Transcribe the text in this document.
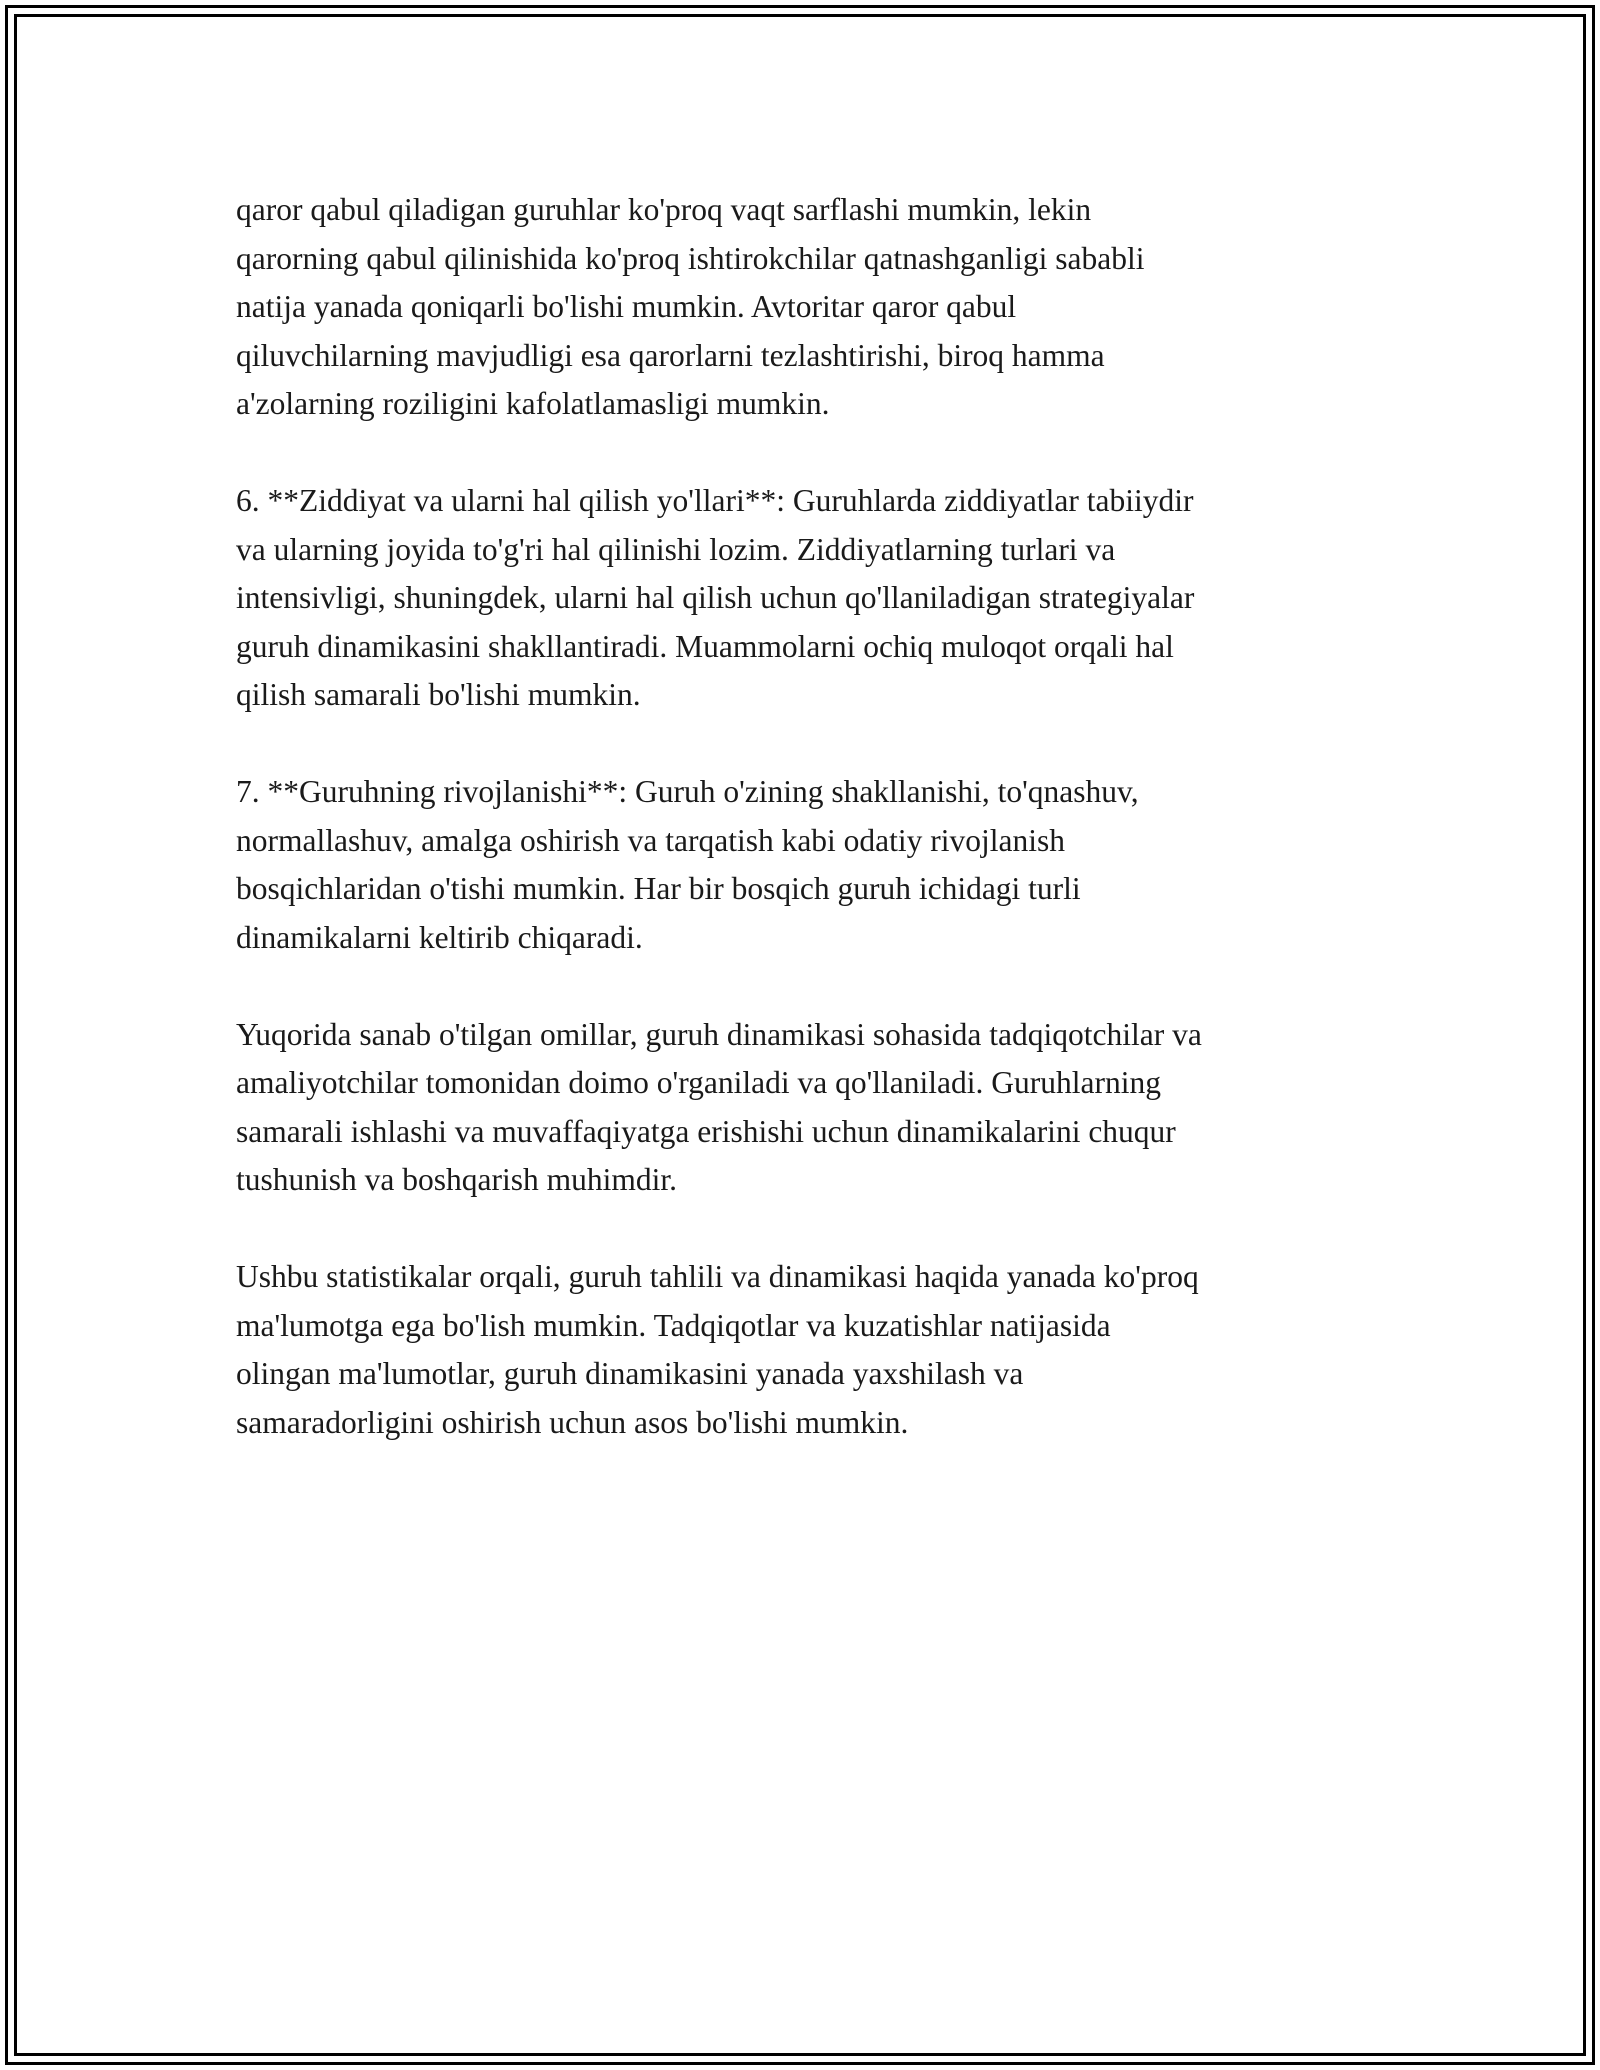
qaror qabul qiladigan guruhlar ko'proq vaqt sarflashi mumkin, lekin
qarorning qabul qilinishida ko'proq ishtirokchilar qatnashganligi sababli
natija yanada qoniqarli bo'lishi mumkin. Avtoritar qaror qabul
qiluvchilarning mavjudligi esa qarorlarni tezlashtirishi, biroq hamma
a'zolarning roziligini kafolatlamasligi mumkin.

6. **Ziddiyat va ularni hal qilish yo'llari**: Guruhlarda ziddiyatlar tabiiydir
va ularning joyida to'g'ri hal qilinishi lozim. Ziddiyatlarning turlari va
intensivligi, shuningdek, ularni hal qilish uchun qo'llaniladigan strategiyalar
guruh dinamikasini shakllantiradi. Muammolarni ochiq muloqot orqali hal
qilish samarali bo'lishi mumkin.

7. **Guruhning rivojlanishi**: Guruh o'zining shakllanishi, to'qnashuv,
normallashuv, amalga oshirish va tarqatish kabi odatiy rivojlanish
bosqichlaridan o'tishi mumkin. Har bir bosqich guruh ichidagi turli
dinamikalarni keltirib chiqaradi.

Yuqorida sanab o'tilgan omillar, guruh dinamikasi sohasida tadqiqotchilar va
amaliyotchilar tomonidan doimo o'rganiladi va qo'llaniladi. Guruhlarning
samarali ishlashi va muvaffaqiyatga erishishi uchun dinamikalarini chuqur
tushunish va boshqarish muhimdir.

Ushbu statistikalar orqali, guruh tahlili va dinamikasi haqida yanada ko'proq
ma'lumotga ega bo'lish mumkin. Tadqiqotlar va kuzatishlar natijasida
olingan ma'lumotlar, guruh dinamikasini yanada yaxshilash va
samaradorligini oshirish uchun asos bo'lishi mumkin.
